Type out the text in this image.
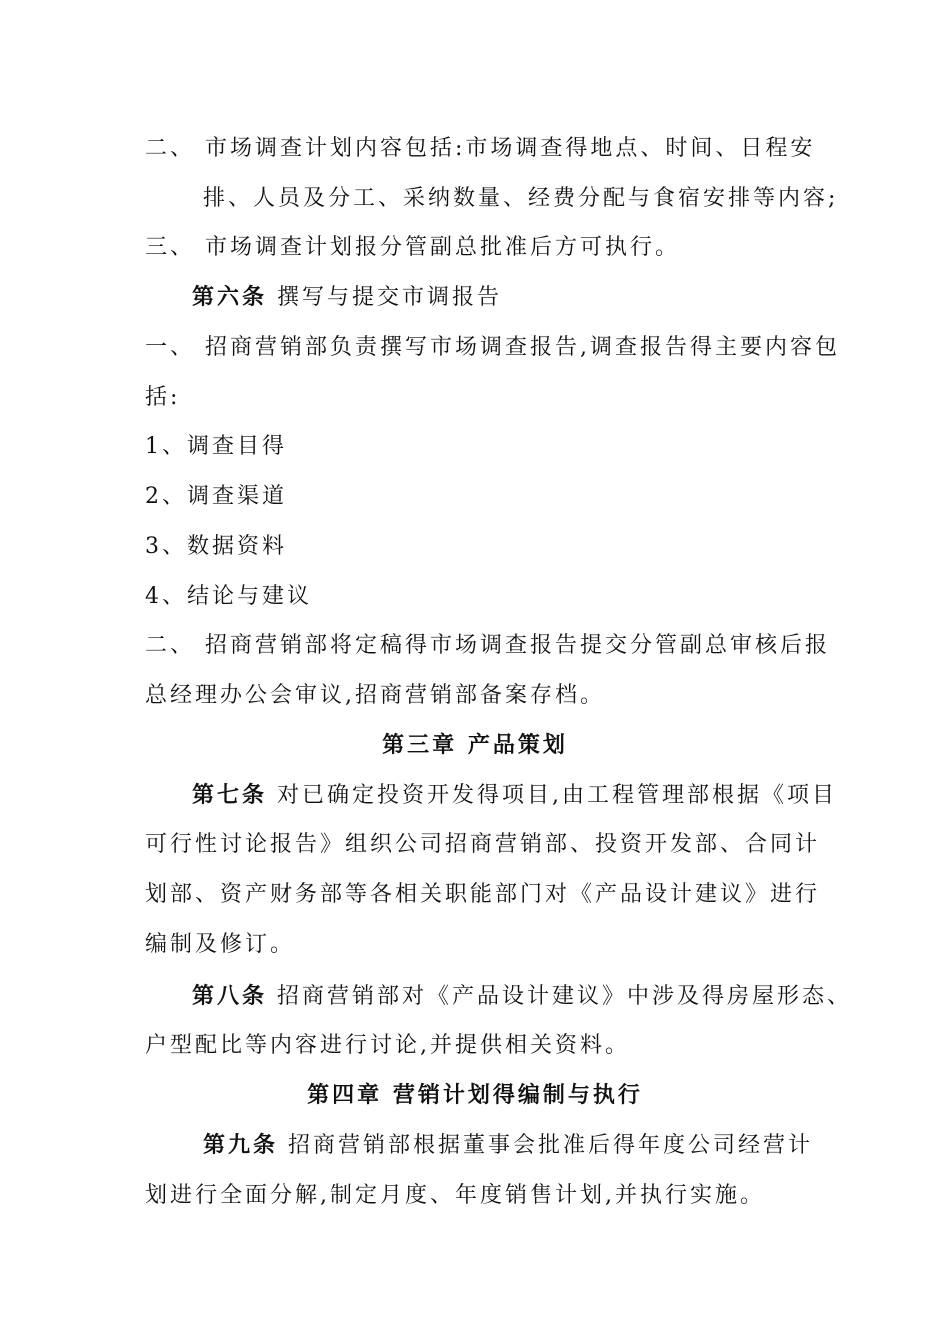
二、 市场调查计划内容包括:市场调查得地点、时间、日程安
排、人员及分工、采纳数量、经费分配与食宿安排等内容;
三、 市场调查计划报分管副总批准后方可执行。
第六条 撰写与提交市调报告
一、 招商营销部负责撰写市场调查报告,调查报告得主要内容包
括:
1、调查目得
2、调查渠道
3、数据资料
4、结论与建议
二、 招商营销部将定稿得市场调查报告提交分管副总审核后报
总经理办公会审议,招商营销部备案存档。
第三章 产品策划
第七条 对已确定投资开发得项目,由工程管理部根据《项目
可行性讨论报告》组织公司招商营销部、投资开发部、合同计
划部、资产财务部等各相关职能部门对《产品设计建议》进行
编制及修订。
第八条 招商营销部对《产品设计建议》中涉及得房屋形态、
户型配比等内容进行讨论,并提供相关资料。
第四章 营销计划得编制与执行
第九条 招商营销部根据董事会批准后得年度公司经营计
划进行全面分解,制定月度、年度销售计划,并执行实施。
